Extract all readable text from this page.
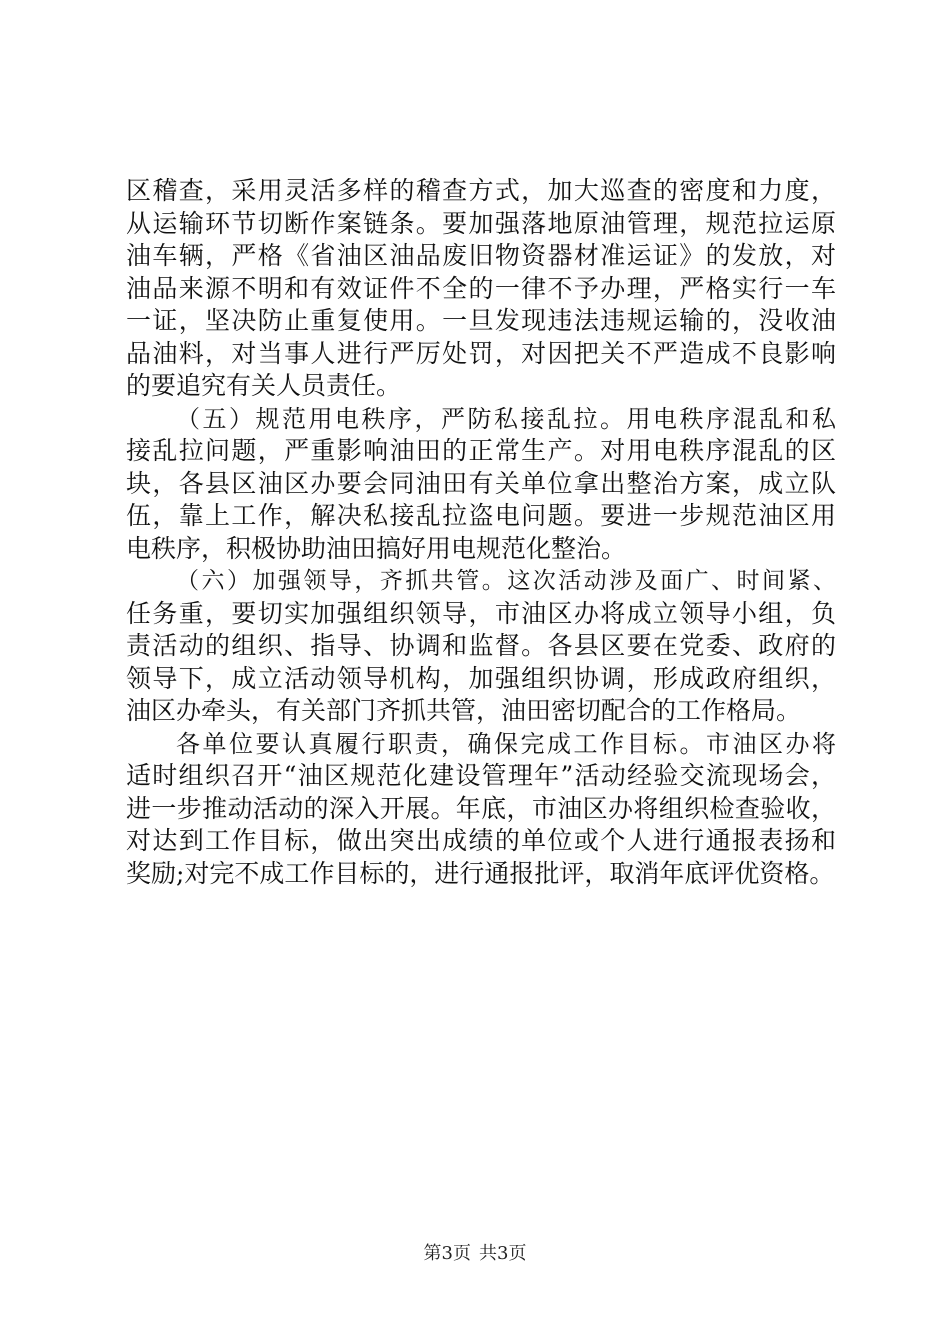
区稽查，采用灵活多样的稽查方式，加大巡查的密度和力度，
从运输环节切断作案链条。要加强落地原油管理，规范拉运原
油车辆，严格《省油区油品废旧物资器材准运证》的发放，对
油品来源不明和有效证件不全的一律不予办理，严格实行一车
一证，坚决防止重复使用。一旦发现违法违规运输的，没收油
品油料，对当事人进行严厉处罚，对因把关不严造成不良影响
的要追究有关人员责任。
（五）规范用电秩序，严防私接乱拉。用电秩序混乱和私
接乱拉问题，严重影响油田的正常生产。对用电秩序混乱的区
块，各县区油区办要会同油田有关单位拿出整治方案，成立队
伍，靠上工作，解决私接乱拉盗电问题。要进一步规范油区用
电秩序，积极协助油田搞好用电规范化整治。
（六）加强领导，齐抓共管。这次活动涉及面广、时间紧、
任务重，要切实加强组织领导，市油区办将成立领导小组，负
责活动的组织、指导、协调和监督。各县区要在党委、政府的
领导下，成立活动领导机构，加强组织协调，形成政府组织，
油区办牵头，有关部门齐抓共管，油田密切配合的工作格局。
各单位要认真履行职责，确保完成工作目标。市油区办将
适时组织召开“油区规范化建设管理年”活动经验交流现场会，
进一步推动活动的深入开展。年底，市油区办将组织检查验收，
对达到工作目标，做出突出成绩的单位或个人进行通报表扬和
奖励;对完不成工作目标的，进行通报批评，取消年底评优资格。
第3页 共3页
